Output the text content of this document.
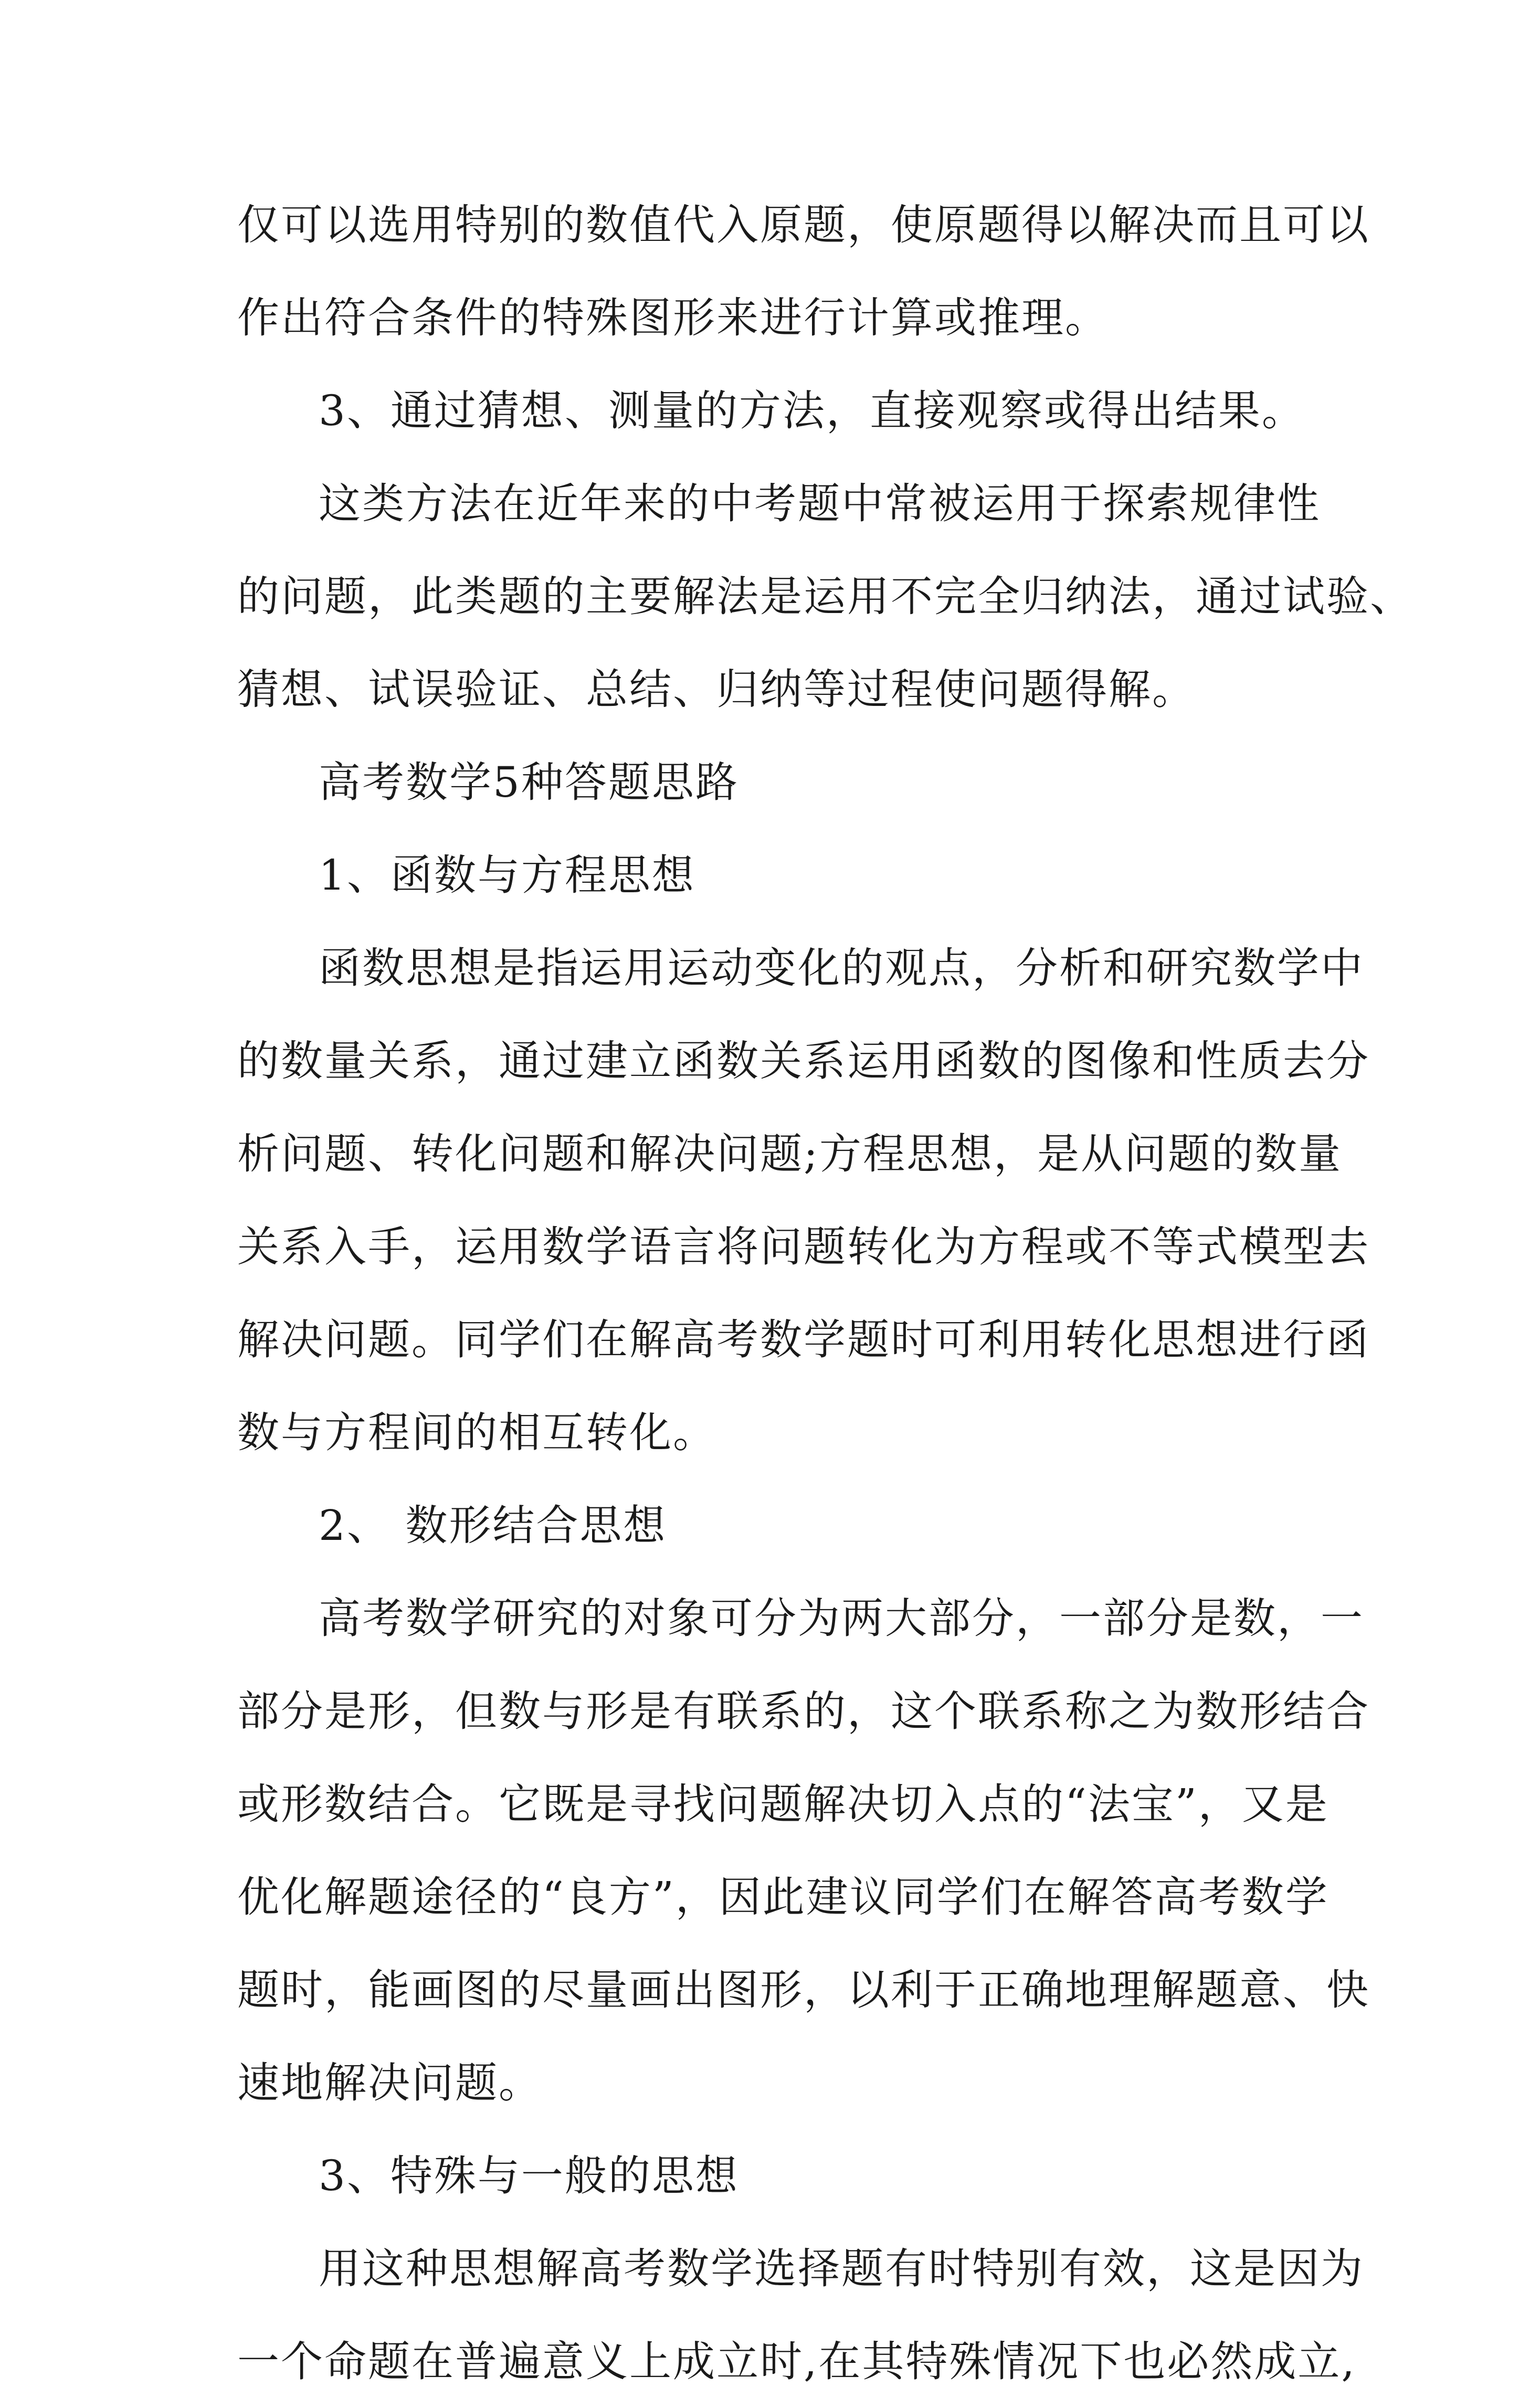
仅可以选用特别的数值代入原题，使原题得以解决而且可以
作出符合条件的特殊图形来进行计算或推理。
3、通过猜想、测量的方法，直接观察或得出结果。
这类方法在近年来的中考题中常被运用于探索规律性
的问题，此类题的主要解法是运用不完全归纳法，通过试验、
猜想、试误验证、总结、归纳等过程使问题得解。
高考数学5种答题思路
1、函数与方程思想
函数思想是指运用运动变化的观点，分析和研究数学中
的数量关系，通过建立函数关系运用函数的图像和性质去分
析问题、转化问题和解决问题;方程思想，是从问题的数量
关系入手，运用数学语言将问题转化为方程或不等式模型去
解决问题。同学们在解高考数学题时可利用转化思想进行函
数与方程间的相互转化。
2、 数形结合思想
高考数学研究的对象可分为两大部分，一部分是数，一
部分是形，但数与形是有联系的，这个联系称之为数形结合
或形数结合。它既是寻找问题解决切入点的“法宝”，又是
优化解题途径的“良方”，因此建议同学们在解答高考数学
题时，能画图的尽量画出图形，以利于正确地理解题意、快
速地解决问题。
3、特殊与一般的思想
用这种思想解高考数学选择题有时特别有效，这是因为
一个命题在普遍意义上成立时,在其特殊情况下也必然成立,
